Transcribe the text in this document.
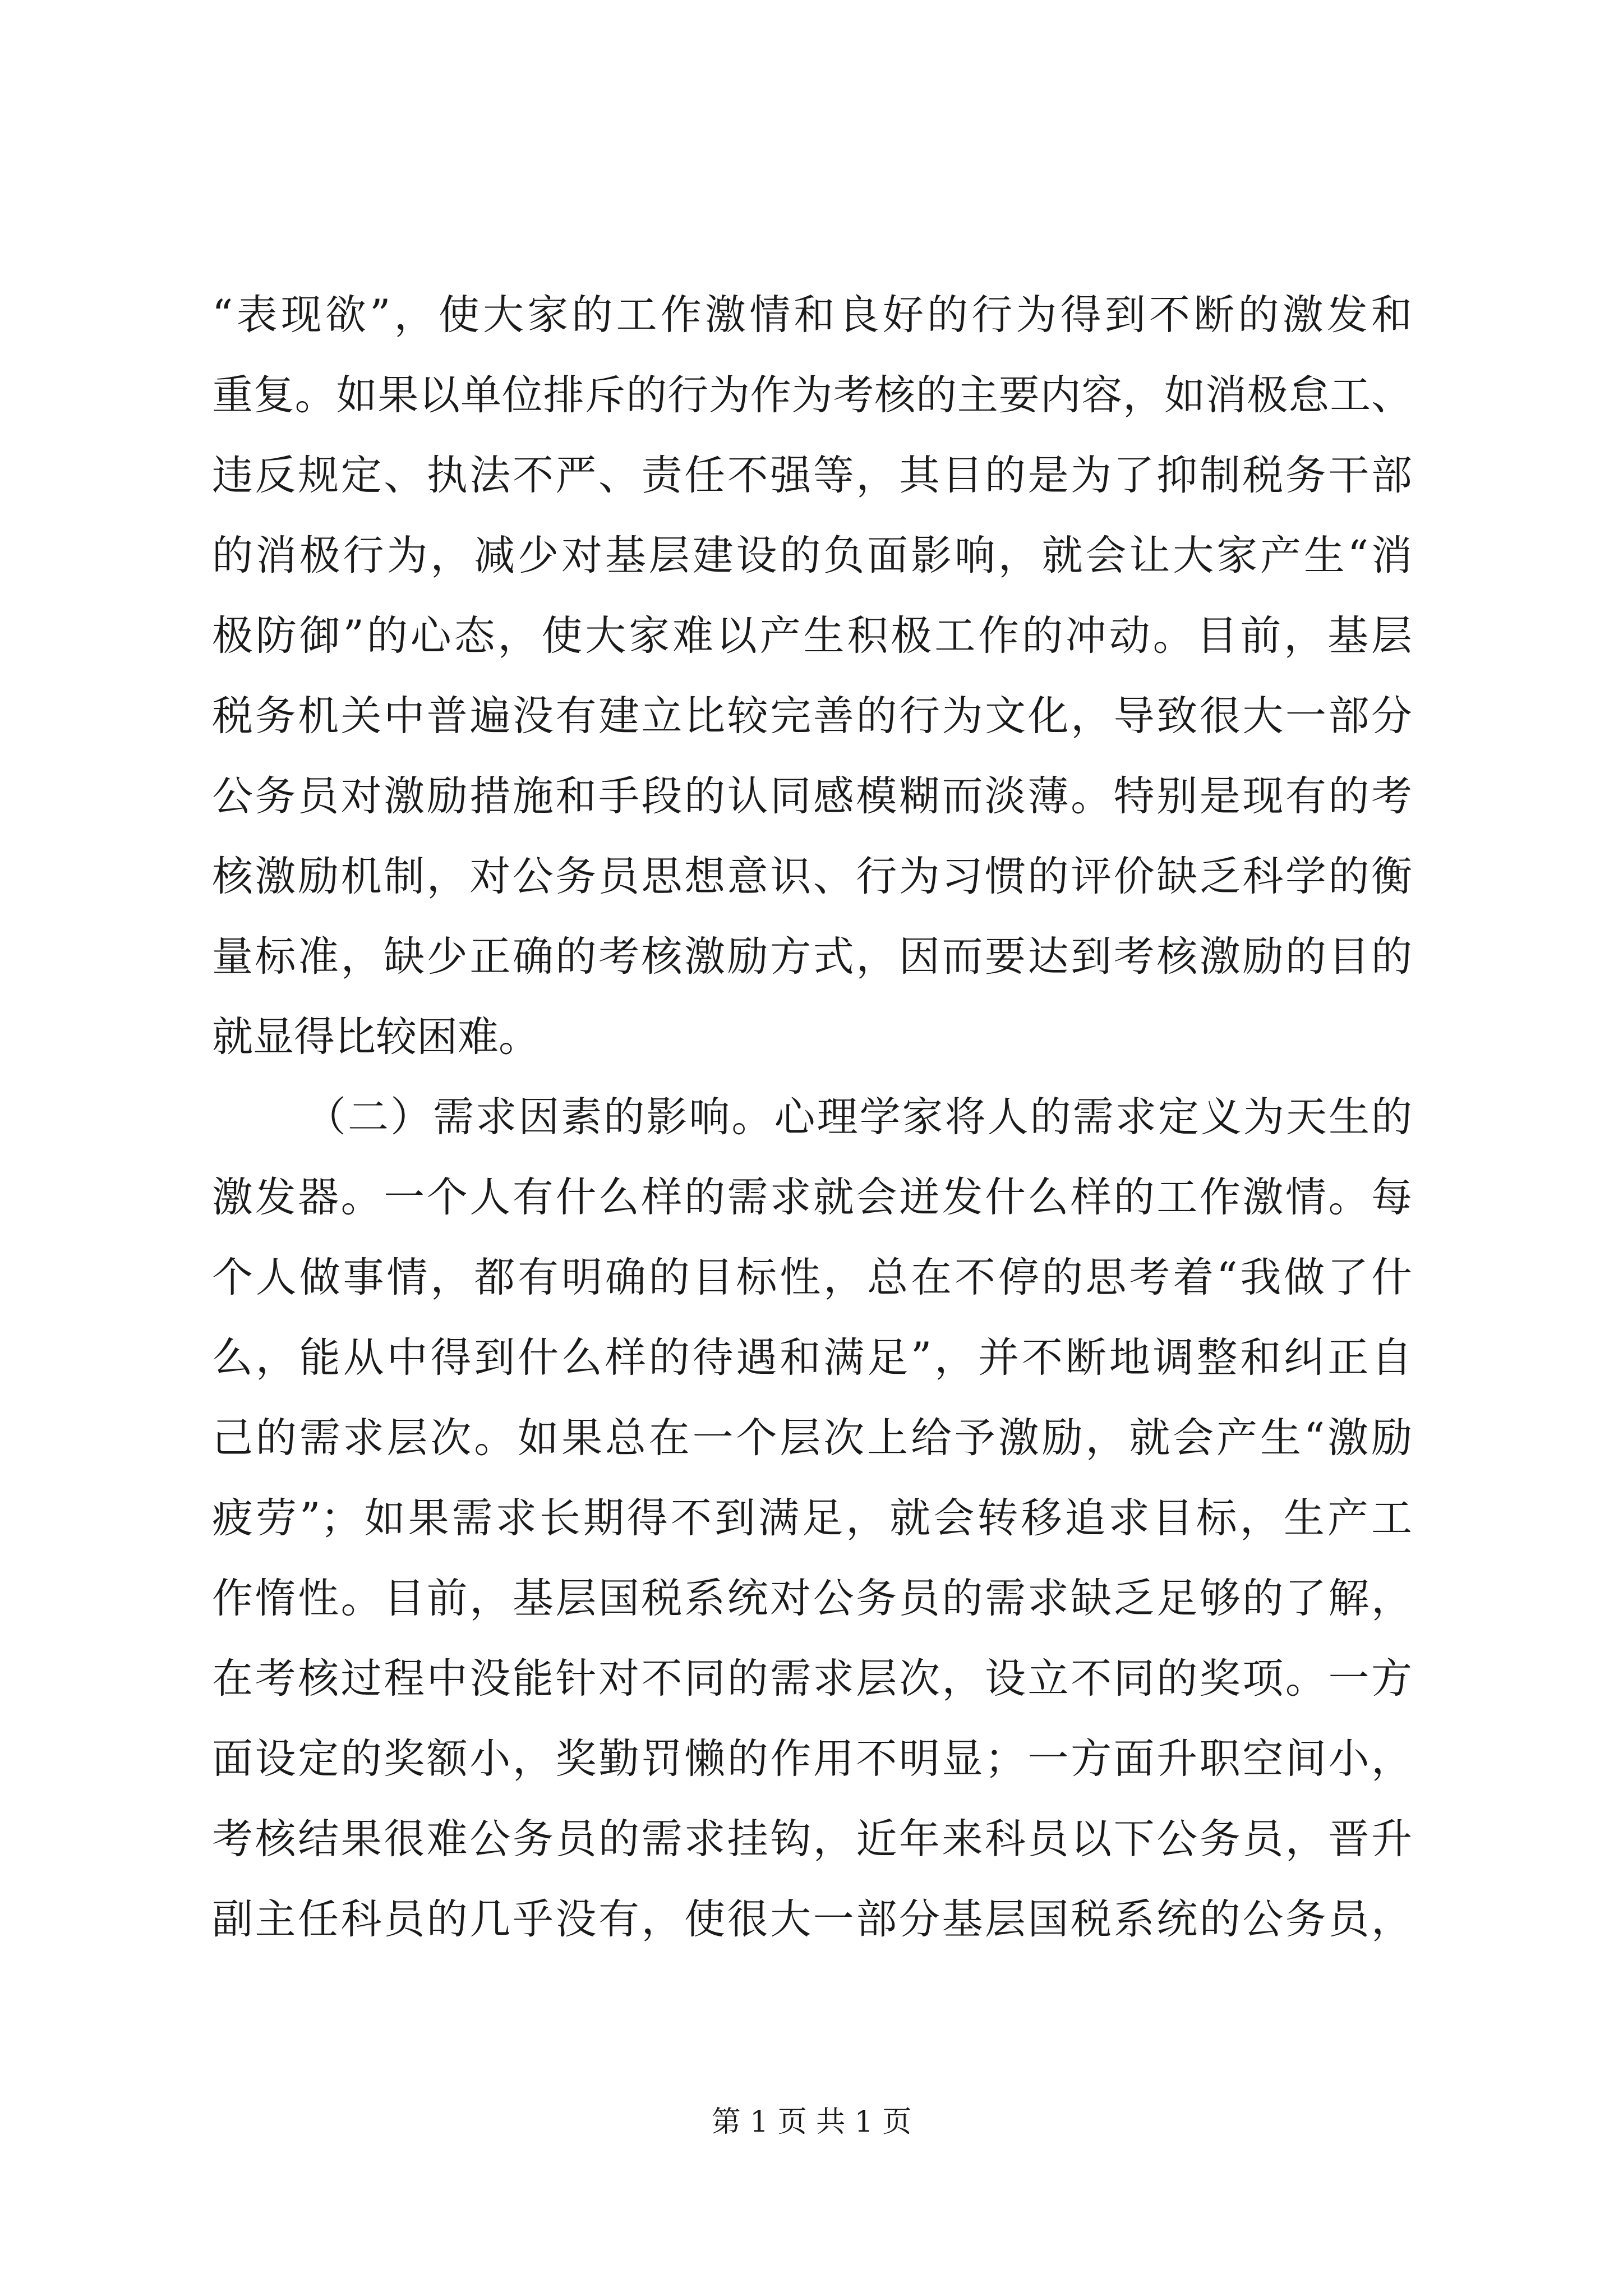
“表现欲”，使大家的工作激情和良好的行为得到不断的激发和
重复。如果以单位排斥的行为作为考核的主要内容，如消极怠工、
违反规定、执法不严、责任不强等，其目的是为了抑制税务干部
的消极行为，减少对基层建设的负面影响，就会让大家产生“消
极防御”的心态，使大家难以产生积极工作的冲动。目前，基层
税务机关中普遍没有建立比较完善的行为文化，导致很大一部分
公务员对激励措施和手段的认同感模糊而淡薄。特别是现有的考
核激励机制，对公务员思想意识、行为习惯的评价缺乏科学的衡
量标准，缺少正确的考核激励方式，因而要达到考核激励的目的
就显得比较困难。
（二）需求因素的影响。心理学家将人的需求定义为天生的
激发器。一个人有什么样的需求就会迸发什么样的工作激情。每
个人做事情，都有明确的目标性，总在不停的思考着“我做了什
么，能从中得到什么样的待遇和满足”，并不断地调整和纠正自
己的需求层次。如果总在一个层次上给予激励，就会产生“激励
疲劳”；如果需求长期得不到满足，就会转移追求目标，生产工
作惰性。目前，基层国税系统对公务员的需求缺乏足够的了解，
在考核过程中没能针对不同的需求层次，设立不同的奖项。一方
面设定的奖额小，奖勤罚懒的作用不明显；一方面升职空间小，
考核结果很难公务员的需求挂钩，近年来科员以下公务员，晋升
副主任科员的几乎没有，使很大一部分基层国税系统的公务员，
第 1 页 共 1 页
